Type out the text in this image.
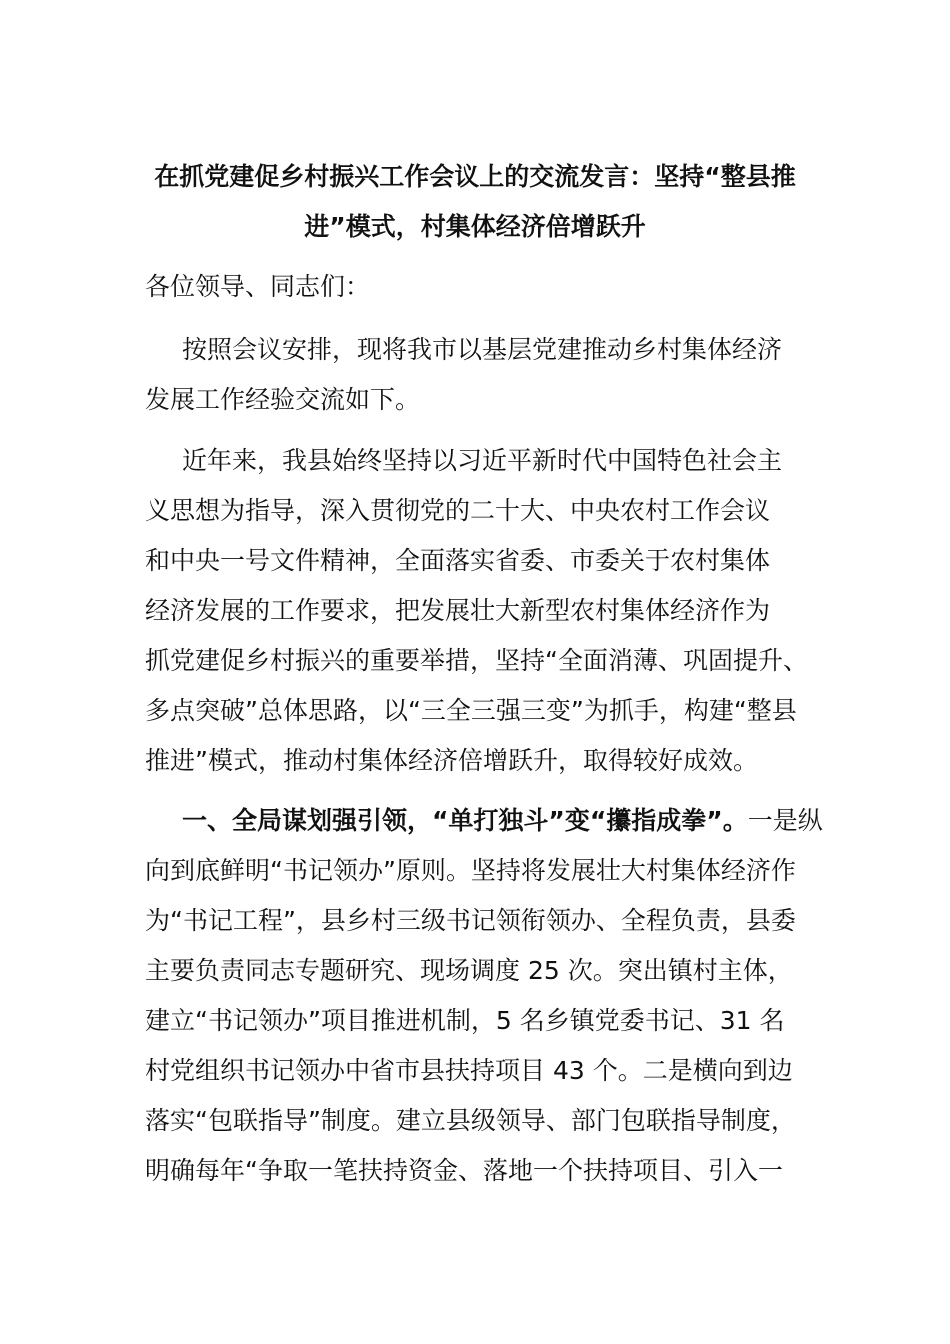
在抓党建促乡村振兴工作会议上的交流发言：坚持“整县推
进”模式，村集体经济倍增跃升
各位领导、同志们：
按照会议安排，现将我市以基层党建推动乡村集体经济
发展工作经验交流如下。
近年来，我县始终坚持以习近平新时代中国特色社会主
义思想为指导，深入贯彻党的二十大、中央农村工作会议
和中央一号文件精神，全面落实省委、市委关于农村集体
经济发展的工作要求，把发展壮大新型农村集体经济作为
抓党建促乡村振兴的重要举措，坚持“全面消薄、巩固提升、
多点突破”总体思路，以“三全三强三变”为抓手，构建“整县
推进”模式，推动村集体经济倍增跃升，取得较好成效。
一、全局谋划强引领，“单打独斗”变“攥指成拳”。一是纵
向到底鲜明“书记领办”原则。坚持将发展壮大村集体经济作
为“书记工程”，县乡村三级书记领衔领办、全程负责，县委
主要负责同志专题研究、现场调度 25 次。突出镇村主体，
建立“书记领办”项目推进机制，5 名乡镇党委书记、31 名
村党组织书记领办中省市县扶持项目 43 个。二是横向到边
落实“包联指导”制度。建立县级领导、部门包联指导制度，
明确每年“争取一笔扶持资金、落地一个扶持项目、引入一
